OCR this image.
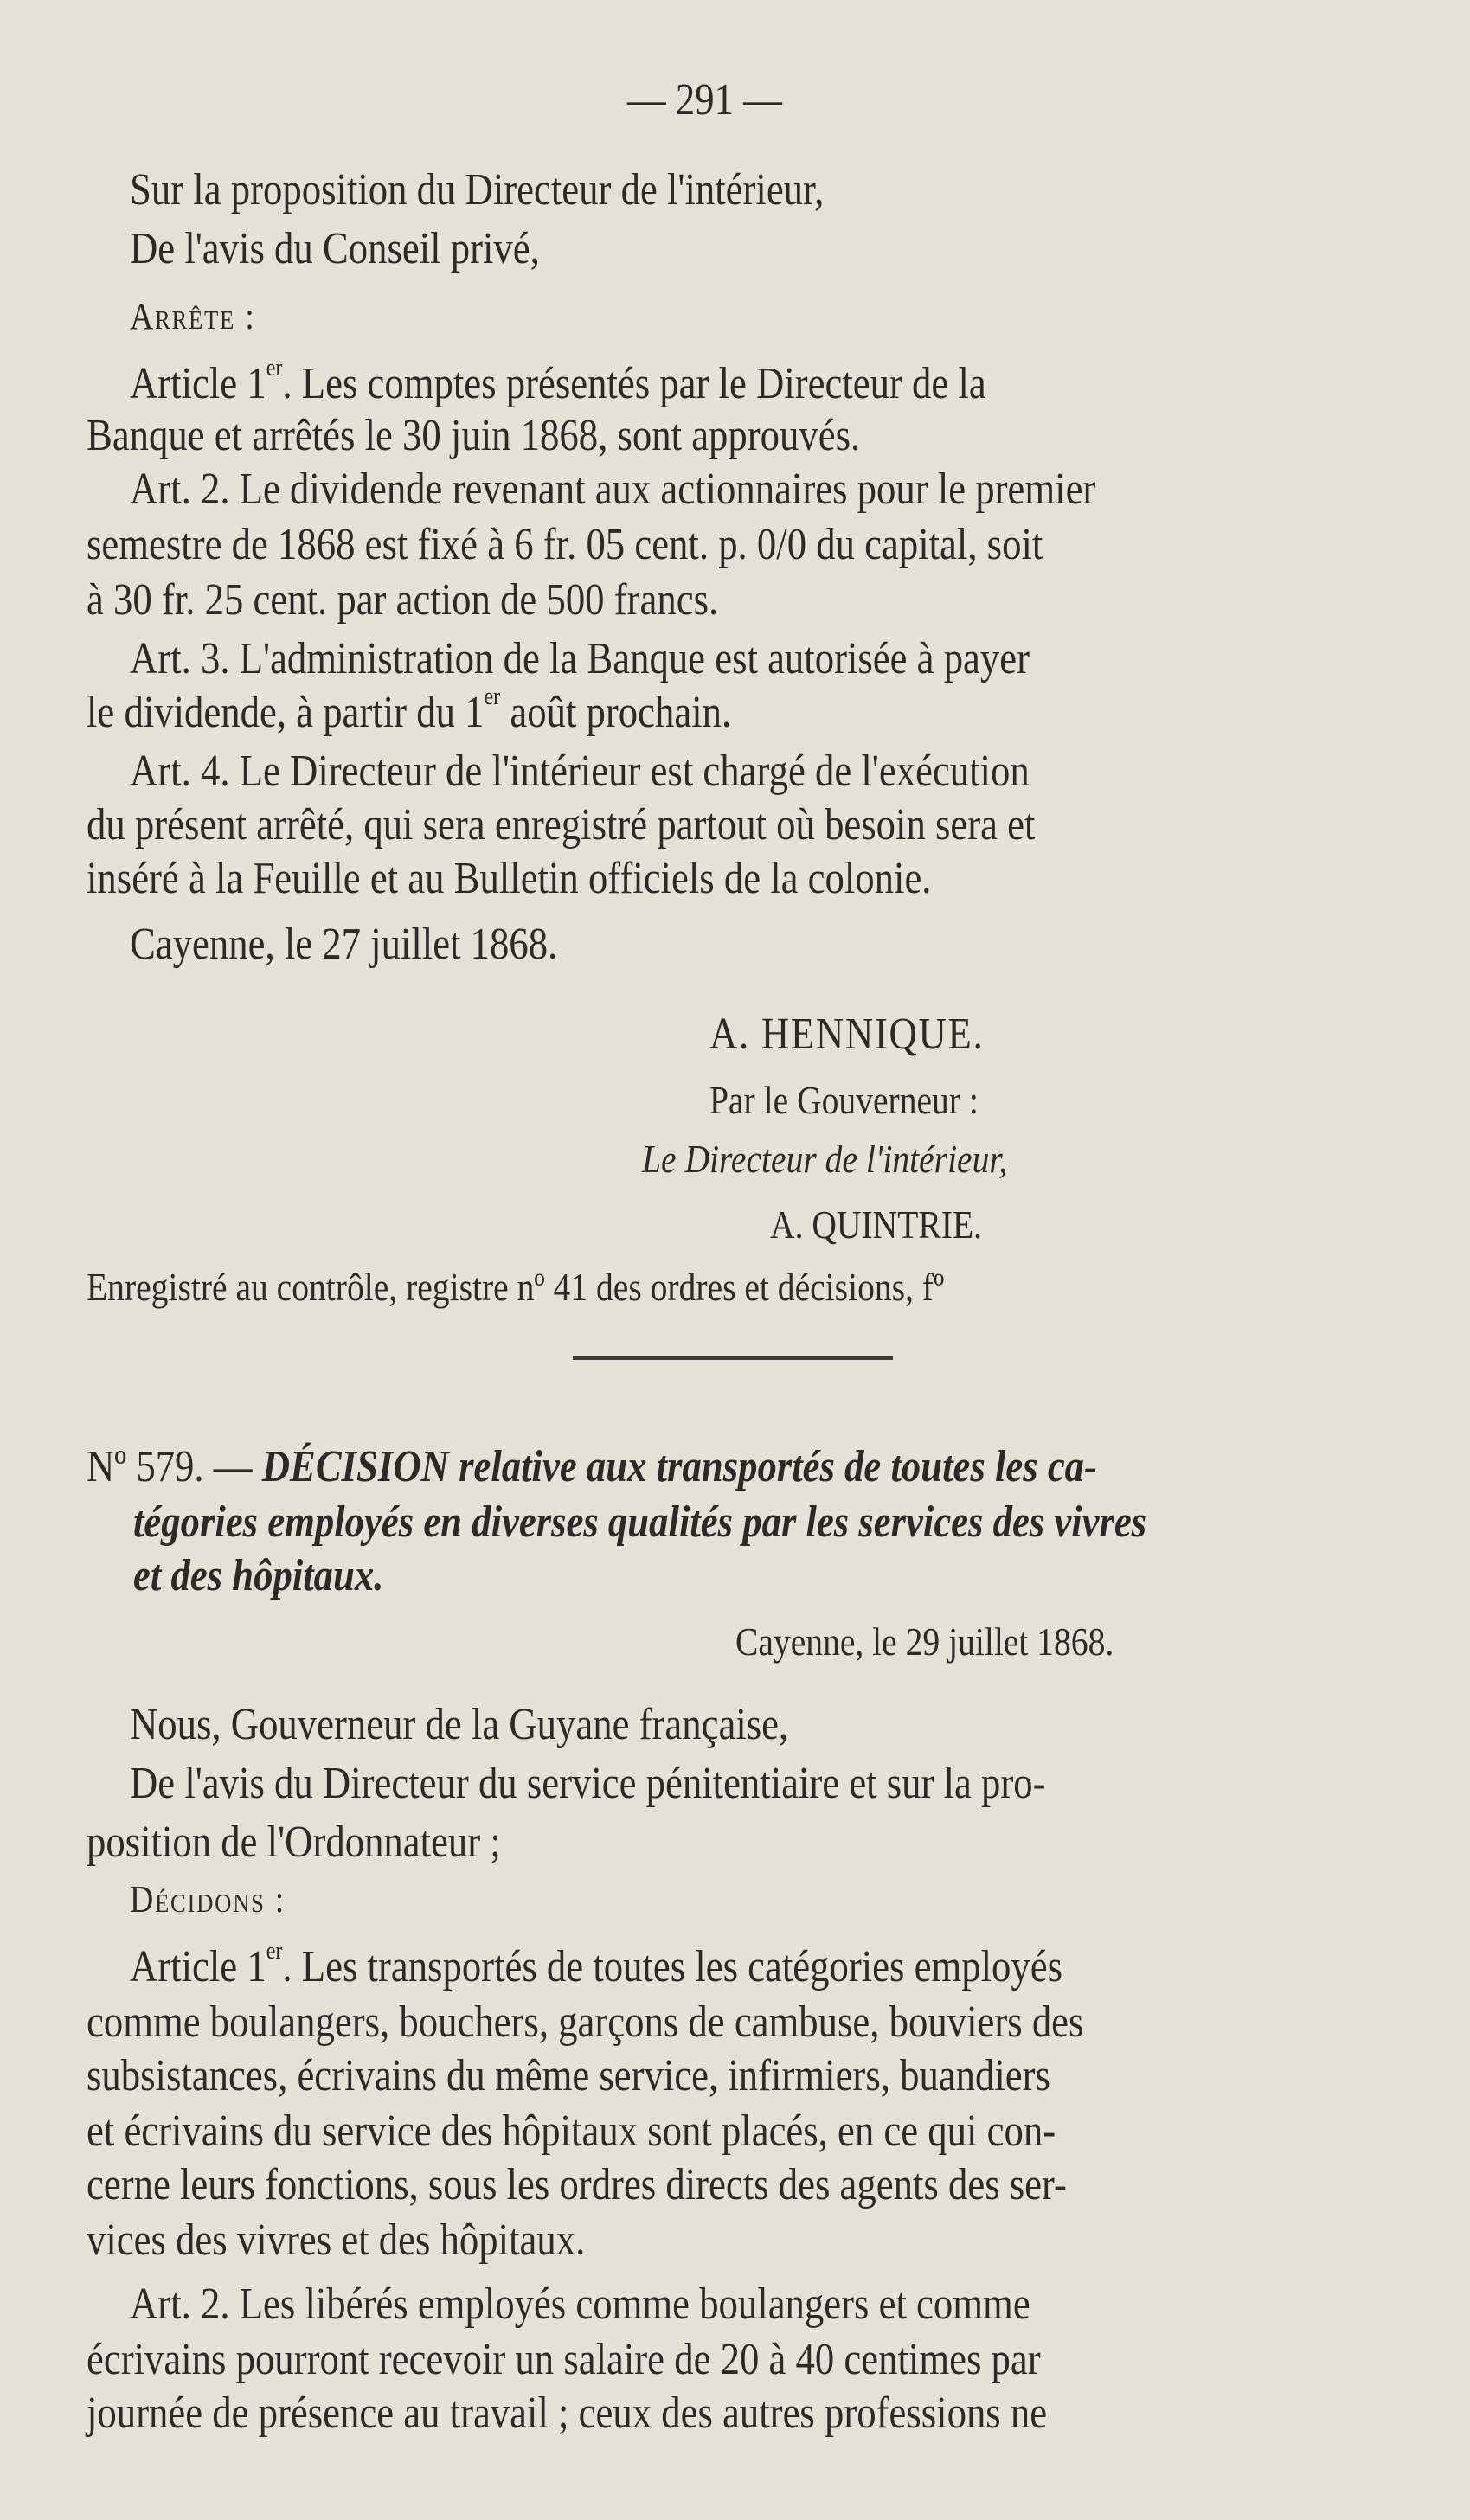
— 291 —
Sur la proposition du Directeur de l'intérieur,
De l'avis du Conseil privé,
Arrête :
Article 1er. Les comptes présentés par le Directeur de la
Banque et arrêtés le 30 juin 1868, sont approuvés.
Art. 2. Le dividende revenant aux actionnaires pour le premier
semestre de 1868 est fixé à 6 fr. 05 cent. p. 0/0 du capital, soit
à 30 fr. 25 cent. par action de 500 francs.
Art. 3. L'administration de la Banque est autorisée à payer
le dividende, à partir du 1er août prochain.
Art. 4. Le Directeur de l'intérieur est chargé de l'exécution
du présent arrêté, qui sera enregistré partout où besoin sera et
inséré à la Feuille et au Bulletin officiels de la colonie.
Cayenne, le 27 juillet 1868.
A. HENNIQUE.
Par le Gouverneur :
Le Directeur de l'intérieur,
A. QUINTRIE.
Enregistré au contrôle, registre nº 41 des ordres et décisions, fº
Nº 579. — DÉCISION relative aux transportés de toutes les ca-
tégories employés en diverses qualités par les services des vivres
et des hôpitaux.
Cayenne, le 29 juillet 1868.
Nous, Gouverneur de la Guyane française,
De l'avis du Directeur du service pénitentiaire et sur la pro-
position de l'Ordonnateur ;
Décidons :
Article 1er. Les transportés de toutes les catégories employés
comme boulangers, bouchers, garçons de cambuse, bouviers des
subsistances, écrivains du même service, infirmiers, buandiers
et écrivains du service des hôpitaux sont placés, en ce qui con-
cerne leurs fonctions, sous les ordres directs des agents des ser-
vices des vivres et des hôpitaux.
Art. 2. Les libérés employés comme boulangers et comme
écrivains pourront recevoir un salaire de 20 à 40 centimes par
journée de présence au travail ; ceux des autres professions ne
